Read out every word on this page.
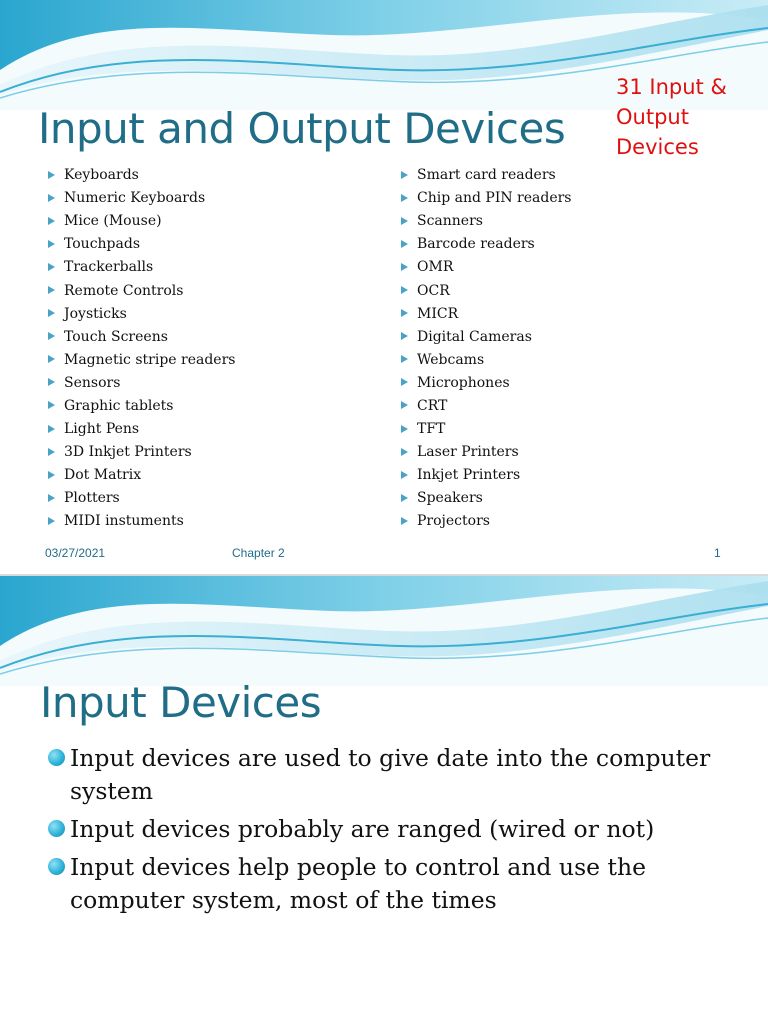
Input and Output Devices
31 Input & Output Devices
Keyboards
Numeric Keyboards
Mice (Mouse)
Touchpads
Trackerballs
Remote Controls
Joysticks
Touch Screens
Magnetic stripe readers
Sensors
Graphic tablets
Light Pens
3D Inkjet Printers
Dot Matrix
Plotters
MIDI instuments
Smart card readers
Chip and PIN readers
Scanners
Barcode readers
OMR
OCR
MICR
Digital Cameras
Webcams
Microphones
CRT
TFT
Laser Printers
Inkjet Printers
Speakers
Projectors
03/27/2021	Chapter 2	1
Input Devices
Input devices are used to give date into the computer system
Input devices probably are ranged (wired or not)
Input devices help people to control and use the computer system, most of the times
